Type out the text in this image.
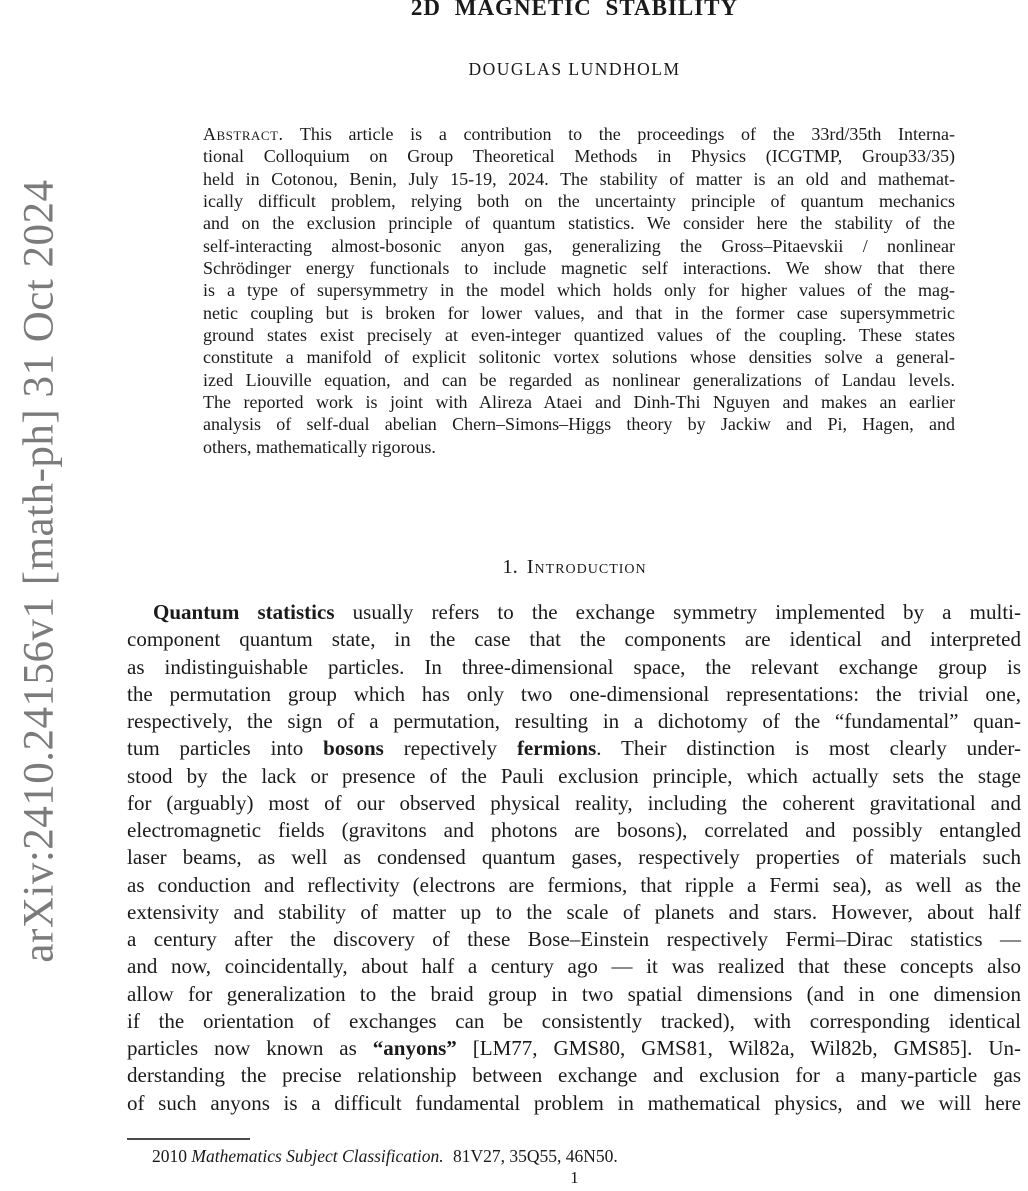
arXiv:2410.24156v1 [math-ph] 31 Oct 2024
2D MAGNETIC STABILITY
DOUGLAS LUNDHOLM
Abstract. This article is a contribution to the proceedings of the 33rd/35th Interna-
tional Colloquium on Group Theoretical Methods in Physics (ICGTMP, Group33/35)
held in Cotonou, Benin, July 15-19, 2024. The stability of matter is an old and mathemat-
ically difficult problem, relying both on the uncertainty principle of quantum mechanics
and on the exclusion principle of quantum statistics. We consider here the stability of the
self-interacting almost-bosonic anyon gas, generalizing the Gross–Pitaevskii / nonlinear
Schrödinger energy functionals to include magnetic self interactions. We show that there
is a type of supersymmetry in the model which holds only for higher values of the mag-
netic coupling but is broken for lower values, and that in the former case supersymmetric
ground states exist precisely at even-integer quantized values of the coupling. These states
constitute a manifold of explicit solitonic vortex solutions whose densities solve a general-
ized Liouville equation, and can be regarded as nonlinear generalizations of Landau levels.
The reported work is joint with Alireza Ataei and Dinh-Thi Nguyen and makes an earlier
analysis of self-dual abelian Chern–Simons–Higgs theory by Jackiw and Pi, Hagen, and
others, mathematically rigorous.
1. Introduction
Quantum statistics usually refers to the exchange symmetry implemented by a multi-
component quantum state, in the case that the components are identical and interpreted
as indistinguishable particles. In three-dimensional space, the relevant exchange group is
the permutation group which has only two one-dimensional representations: the trivial one,
respectively, the sign of a permutation, resulting in a dichotomy of the “fundamental” quan-
tum particles into bosons repectively fermions. Their distinction is most clearly under-
stood by the lack or presence of the Pauli exclusion principle, which actually sets the stage
for (arguably) most of our observed physical reality, including the coherent gravitational and
electromagnetic fields (gravitons and photons are bosons), correlated and possibly entangled
laser beams, as well as condensed quantum gases, respectively properties of materials such
as conduction and reflectivity (electrons are fermions, that ripple a Fermi sea), as well as the
extensivity and stability of matter up to the scale of planets and stars. However, about half
a century after the discovery of these Bose–Einstein respectively Fermi–Dirac statistics —
and now, coincidentally, about half a century ago — it was realized that these concepts also
allow for generalization to the braid group in two spatial dimensions (and in one dimension
if the orientation of exchanges can be consistently tracked), with corresponding identical
particles now known as “anyons” [LM77, GMS80, GMS81, Wil82a, Wil82b, GMS85]. Un-
derstanding the precise relationship between exchange and exclusion for a many-particle gas
of such anyons is a difficult fundamental problem in mathematical physics, and we will here
2010 Mathematics Subject Classification. 81V27, 35Q55, 46N50.
1
